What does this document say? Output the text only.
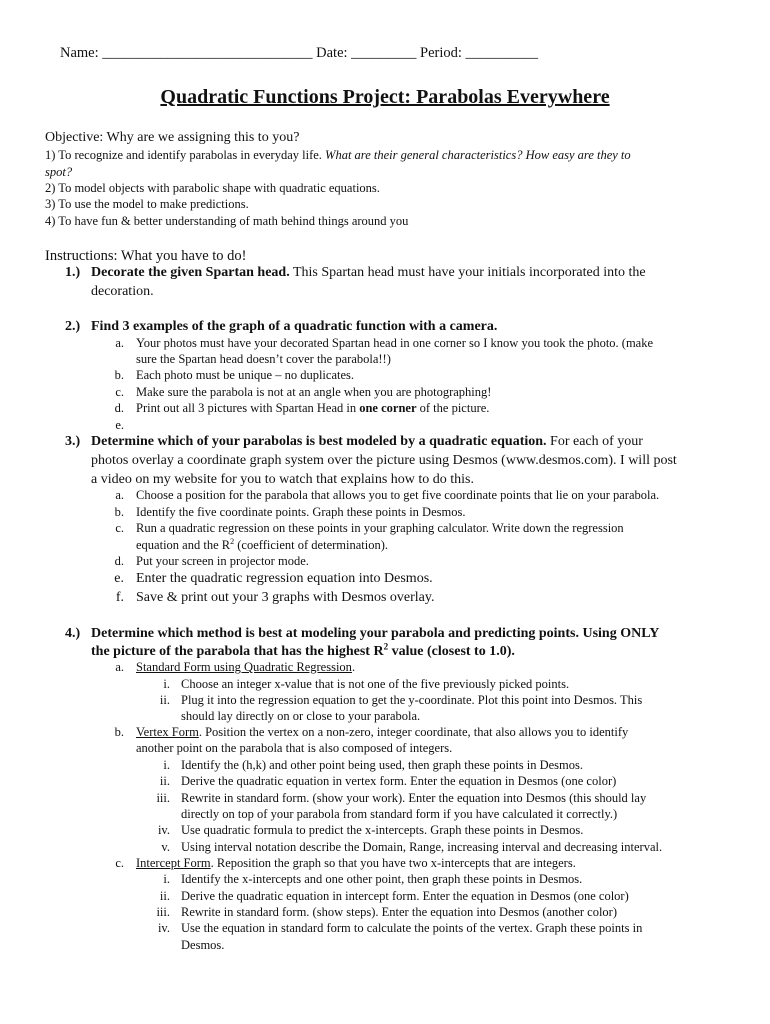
Name: _____________________________ Date: _________ Period: __________
Quadratic Functions Project: Parabolas Everywhere
Objective: Why are we assigning this to you?
1) To recognize and identify parabolas in everyday life. What are their general characteristics? How easy are they to
spot?
2) To model objects with parabolic shape with quadratic equations.
3) To use the model to make predictions.
4) To have fun & better understanding of math behind things around you
Instructions: What you have to do!
1.) Decorate the given Spartan head. This Spartan head must have your initials incorporated into the
decoration.
2.) Find 3 examples of the graph of a quadratic function with a camera.
a. Your photos must have your decorated Spartan head in one corner so I know you took the photo. (make
sure the Spartan head doesn’t cover the parabola!!)
b. Each photo must be unique – no duplicates.
c. Make sure the parabola is not at an angle when you are photographing!
d. Print out all 3 pictures with Spartan Head in one corner of the picture.
e.
3.) Determine which of your parabolas is best modeled by a quadratic equation. For each of your
photos overlay a coordinate graph system over the picture using Desmos (www.desmos.com). I will post
a video on my website for you to watch that explains how to do this.
a. Choose a position for the parabola that allows you to get five coordinate points that lie on your parabola.
b. Identify the five coordinate points. Graph these points in Desmos.
c. Run a quadratic regression on these points in your graphing calculator. Write down the regression
equation and the $R^2$ (coefficient of determination).
d. Put your screen in projector mode.
e. Enter the quadratic regression equation into Desmos.
f. Save & print out your 3 graphs with Desmos overlay.
4.) Determine which method is best at modeling your parabola and predicting points. Using ONLY
the picture of the parabola that has the highest $R^2$ value (closest to 1.0).
a. Standard Form using Quadratic Regression.
i. Choose an integer x-value that is not one of the five previously picked points.
ii. Plug it into the regression equation to get the y-coordinate. Plot this point into Desmos. This
should lay directly on or close to your parabola.
b. Vertex Form. Position the vertex on a non-zero, integer coordinate, that also allows you to identify
another point on the parabola that is also composed of integers.
i. Identify the (h,k) and other point being used, then graph these points in Desmos.
ii. Derive the quadratic equation in vertex form. Enter the equation in Desmos (one color)
iii. Rewrite in standard form. (show your work). Enter the equation into Desmos (this should lay
directly on top of your parabola from standard form if you have calculated it correctly.)
iv. Use quadratic formula to predict the x-intercepts. Graph these points in Desmos.
v. Using interval notation describe the Domain, Range, increasing interval and decreasing interval.
c. Intercept Form. Reposition the graph so that you have two x-intercepts that are integers.
i. Identify the x-intercepts and one other point, then graph these points in Desmos.
ii. Derive the quadratic equation in intercept form. Enter the equation in Desmos (one color)
iii. Rewrite in standard form. (show steps). Enter the equation into Desmos (another color)
iv. Use the equation in standard form to calculate the points of the vertex. Graph these points in
Desmos.
